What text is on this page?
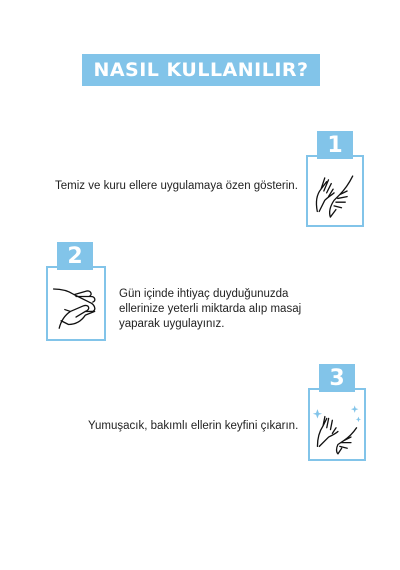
NASIL KULLANILIR?
Temiz ve kuru ellere uygulamaya özen gösterin.
1
2
Gün içinde ihtiyaç duyduğunuzda ellerinize yeterli miktarda alıp masaj yaparak uygulayınız.
Yumuşacık, bakımlı ellerin keyfini çıkarın.
3
